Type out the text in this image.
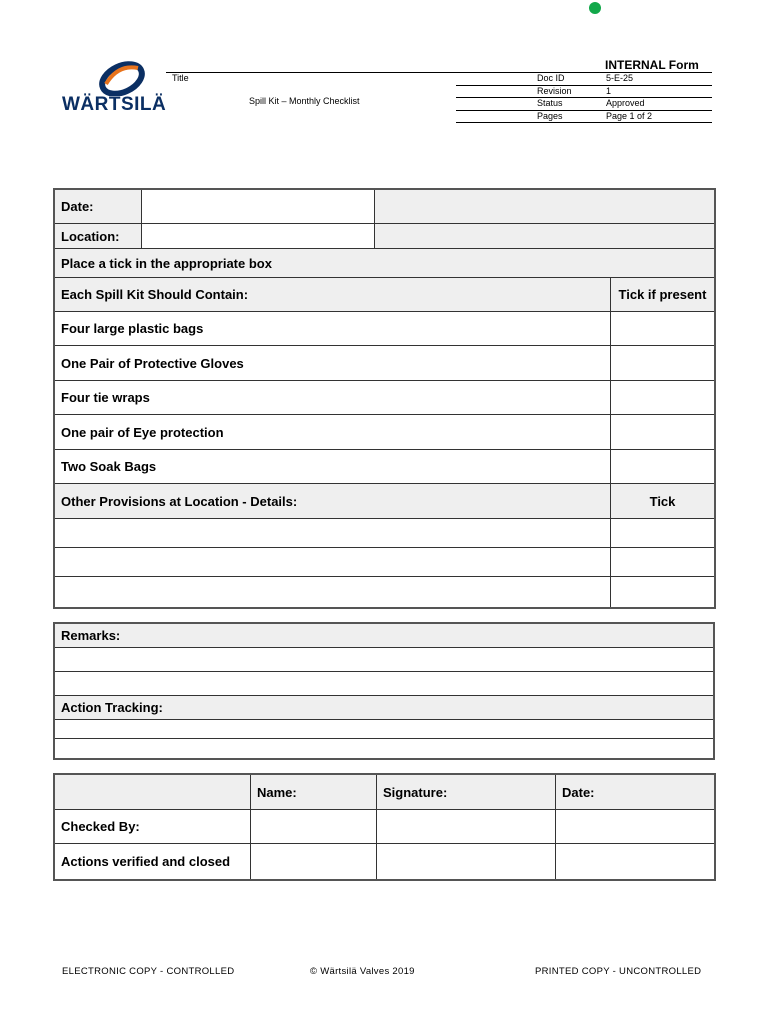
WÄRTSILÄ
INTERNAL Form
Title
Spill Kit – Monthly Checklist
Doc ID	5-E-25
Revision	1
Status	Approved
Pages	Page 1 of 2
Date:			
Location:			
Place a tick in the appropriate box			
Each Spill Kit Should Contain:			Tick if present
Four large plastic bags			
One Pair of Protective Gloves			
Four tie wraps			
One pair of Eye protection			
Two Soak Bags			
Other Provisions at Location - Details:			Tick

Remarks:

Action Tracking:

	Name:	Signature:	Date:
Checked By:			
Actions verified and closed			
ELECTRONIC COPY - CONTROLLED	© Wärtsilä Valves 2019	PRINTED COPY - UNCONTROLLED
